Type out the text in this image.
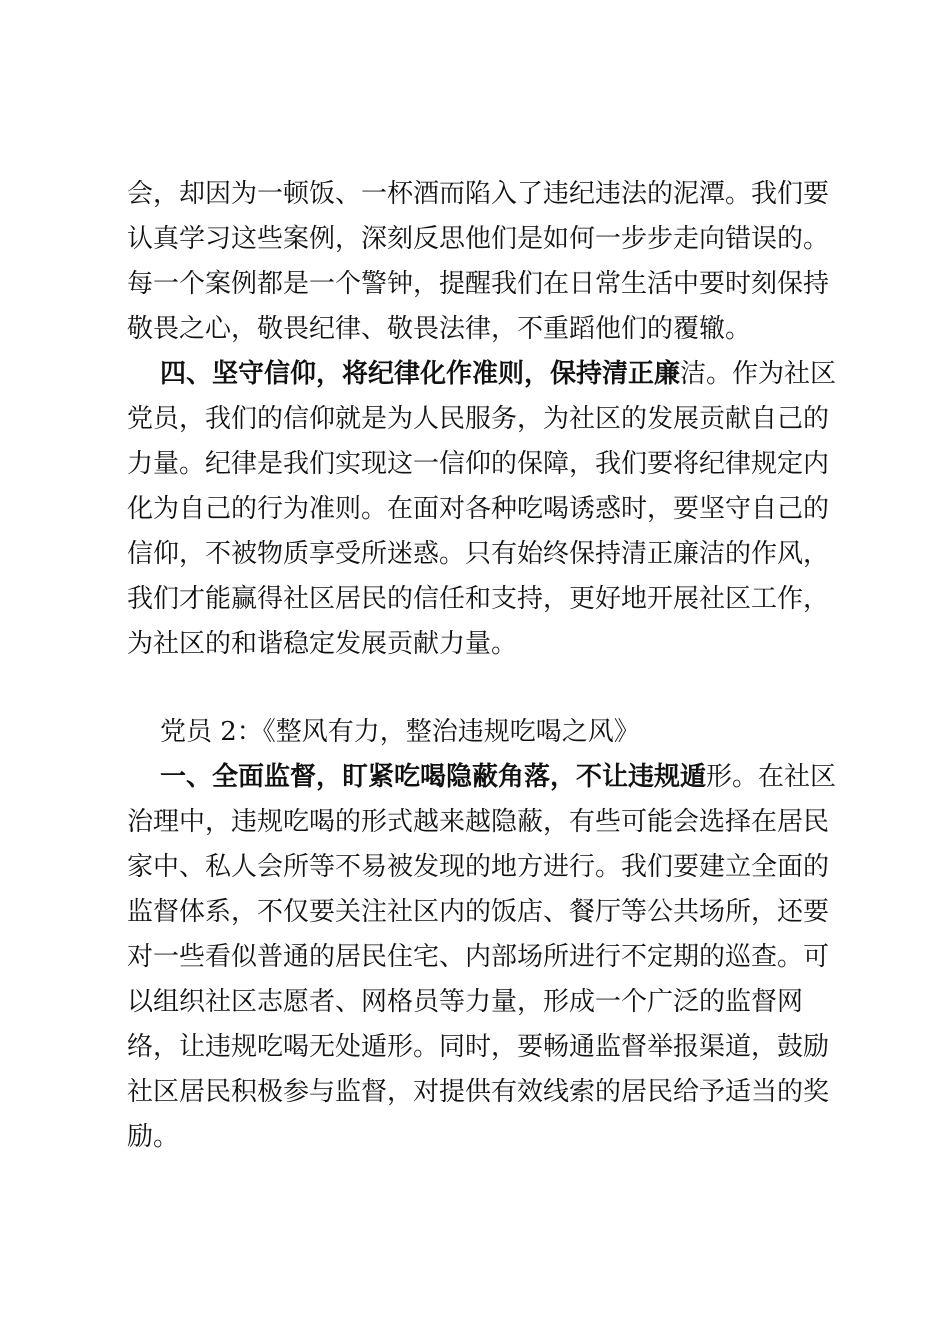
会，却因为一顿饭、一杯酒而陷入了违纪违法的泥潭。我们要
认真学习这些案例，深刻反思他们是如何一步步走向错误的。
每一个案例都是一个警钟，提醒我们在日常生活中要时刻保持
敬畏之心，敬畏纪律、敬畏法律，不重蹈他们的覆辙。
四、坚守信仰，将纪律化作准则，保持清正廉 洁。作为社区
党员，我们的信仰就是为人民服务，为社区的发展贡献自己的
力量。纪律是我们实现这一信仰的保障，我们要将纪律规定内
化为自己的行为准则。在面对各种吃喝诱惑时，要坚守自己的
信仰，不被物质享受所迷惑。只有始终保持清正廉洁的作风，
我们才能赢得社区居民的信任和支持，更好地开展社区工作，
为社区的和谐稳定发展贡献力量。
党员 2：《整风有力，整治违规吃喝之风》
一、全面监督，盯紧吃喝隐蔽角落，不让违规遁 形。在社区
治理中，违规吃喝的形式越来越隐蔽，有些可能会选择在居民
家中、私人会所等不易被发现的地方进行。我们要建立全面的
监督体系，不仅要关注社区内的饭店、餐厅等公共场所，还要
对一些看似普通的居民住宅、内部场所进行不定期的巡查。可
以组织社区志愿者、网格员等力量，形成一个广泛的监督网
络，让违规吃喝无处遁形。同时，要畅通监督举报渠道，鼓励
社区居民积极参与监督，对提供有效线索的居民给予适当的奖
励。
